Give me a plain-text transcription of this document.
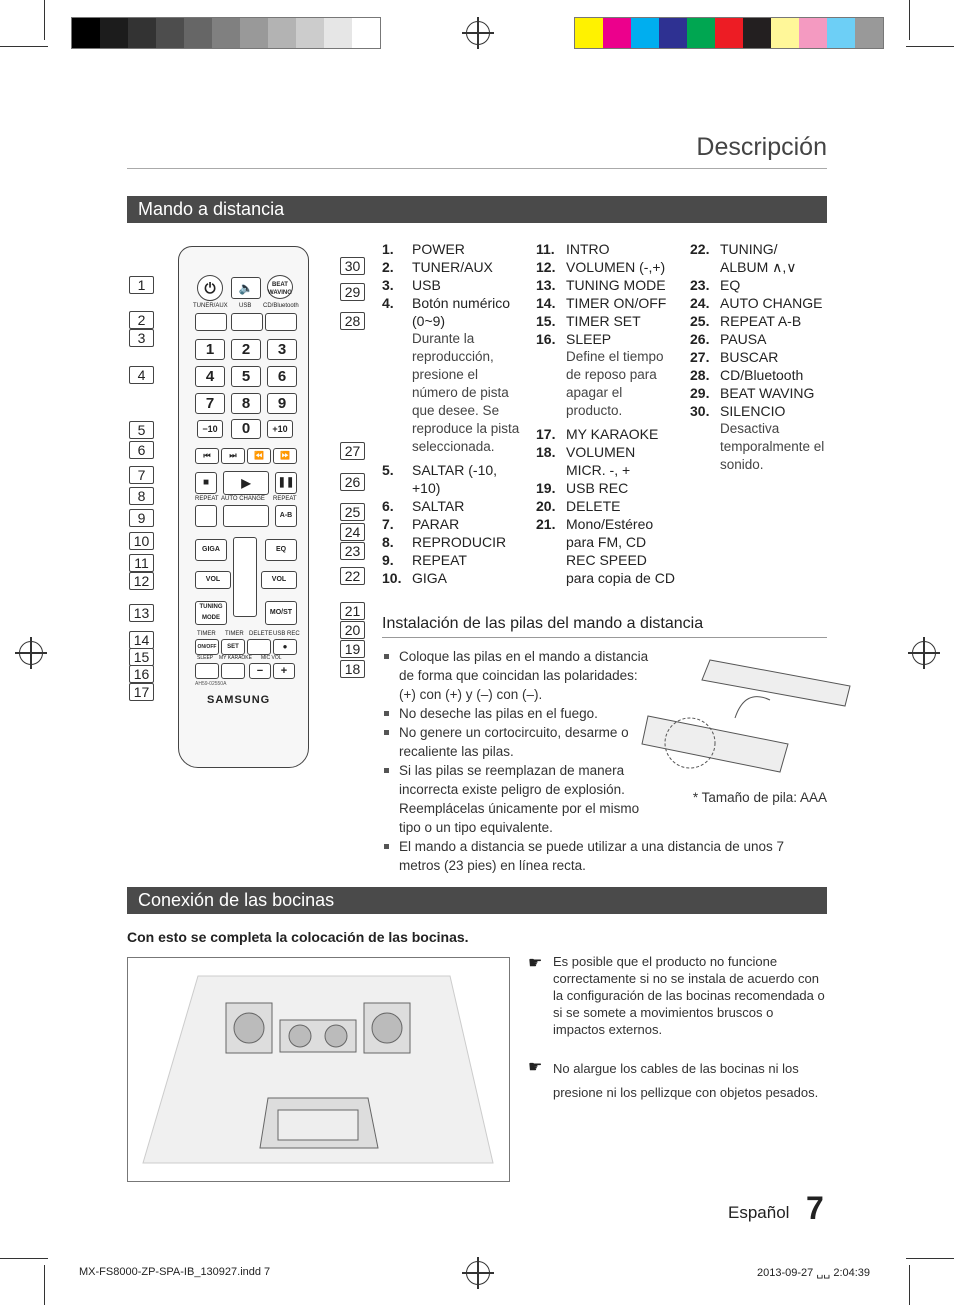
Descripción
Mando a distancia
⏻	🔈	BEAT WAVING
TUNER/AUX USB CD/Bluetooth
1	2	3
4	5	6
7	8	9
−10	0	+10
⏮	⏭	⏪	⏩
■	▶	❚❚
REPEAT AUTO CHANGE REPEAT
A-B
GIGA	EQ
VOL	VOL
TUNING MODE
MO/ST
TIMER TIMER DELETE USB REC
ON/OFF	SET	●
SLEEP MY KARAOKE MIC VOL
−	+
AH59-02550A
SAMSUNG
1
2
3
4
5
6
7
8
9
10
11
12
13
14
15
16
17
30
29
28
27
26
25
24
23
22
21
20
19
18
1.	POWER
2.	TUNER/AUX
3.	USB
4.	Botón numérico (0~9)
Durante la reproducción, presione el número de pista que desee. Se reproduce la pista seleccionada.
5.	SALTAR (-10, +10)
6.	SALTAR
7.	PARAR
8.	REPRODUCIR
9.	REPEAT
10. GIGA
11. INTRO
12. VOLUMEN (-,+)
13. TUNING MODE
14. TIMER ON/OFF
15. TIMER SET
16. SLEEP
Define el tiempo de reposo para apagar el producto.
17. MY KARAOKE
18. VOLUMEN MICR. -, +
19. USB REC
20. DELETE
21. Mono/Estéreo para FM, CD REC SPEED para copia de CD
22. TUNING/ ALBUM ∧,∨
23. EQ
24. AUTO CHANGE
25. REPEAT A-B
26. PAUSA
27. BUSCAR
28. CD/Bluetooth
29. BEAT WAVING
30. SILENCIO
Desactiva temporalmente el sonido.
Instalación de las pilas del mando a distancia
Coloque las pilas en el mando a distancia de forma que coincidan las polaridades: (+) con (+) y (–) con (–).
No deseche las pilas en el fuego.
No genere un cortocircuito, desarme o recaliente las pilas.
Si las pilas se reemplazan de manera incorrecta existe peligro de explosión. Reemplácelas únicamente por el mismo tipo o un tipo equivalente.
El mando a distancia se puede utilizar a una distancia de unos 7 metros (23 pies) en línea recta.
* Tamaño de pila: AAA
Conexión de las bocinas
Con esto se completa la colocación de las bocinas.
☛ Es posible que el producto no funcione correctamente si no se instala de acuerdo con la configuración de las bocinas recomendada o si se somete a movimientos bruscos o impactos externos.
☛ No alargue los cables de las bocinas ni los presione ni los pellizque con objetos pesados.
Español 7
MX-FS8000-ZP-SPA-IB_130927.indd 7	2013-09-27 ␣␣ 2:04:39
